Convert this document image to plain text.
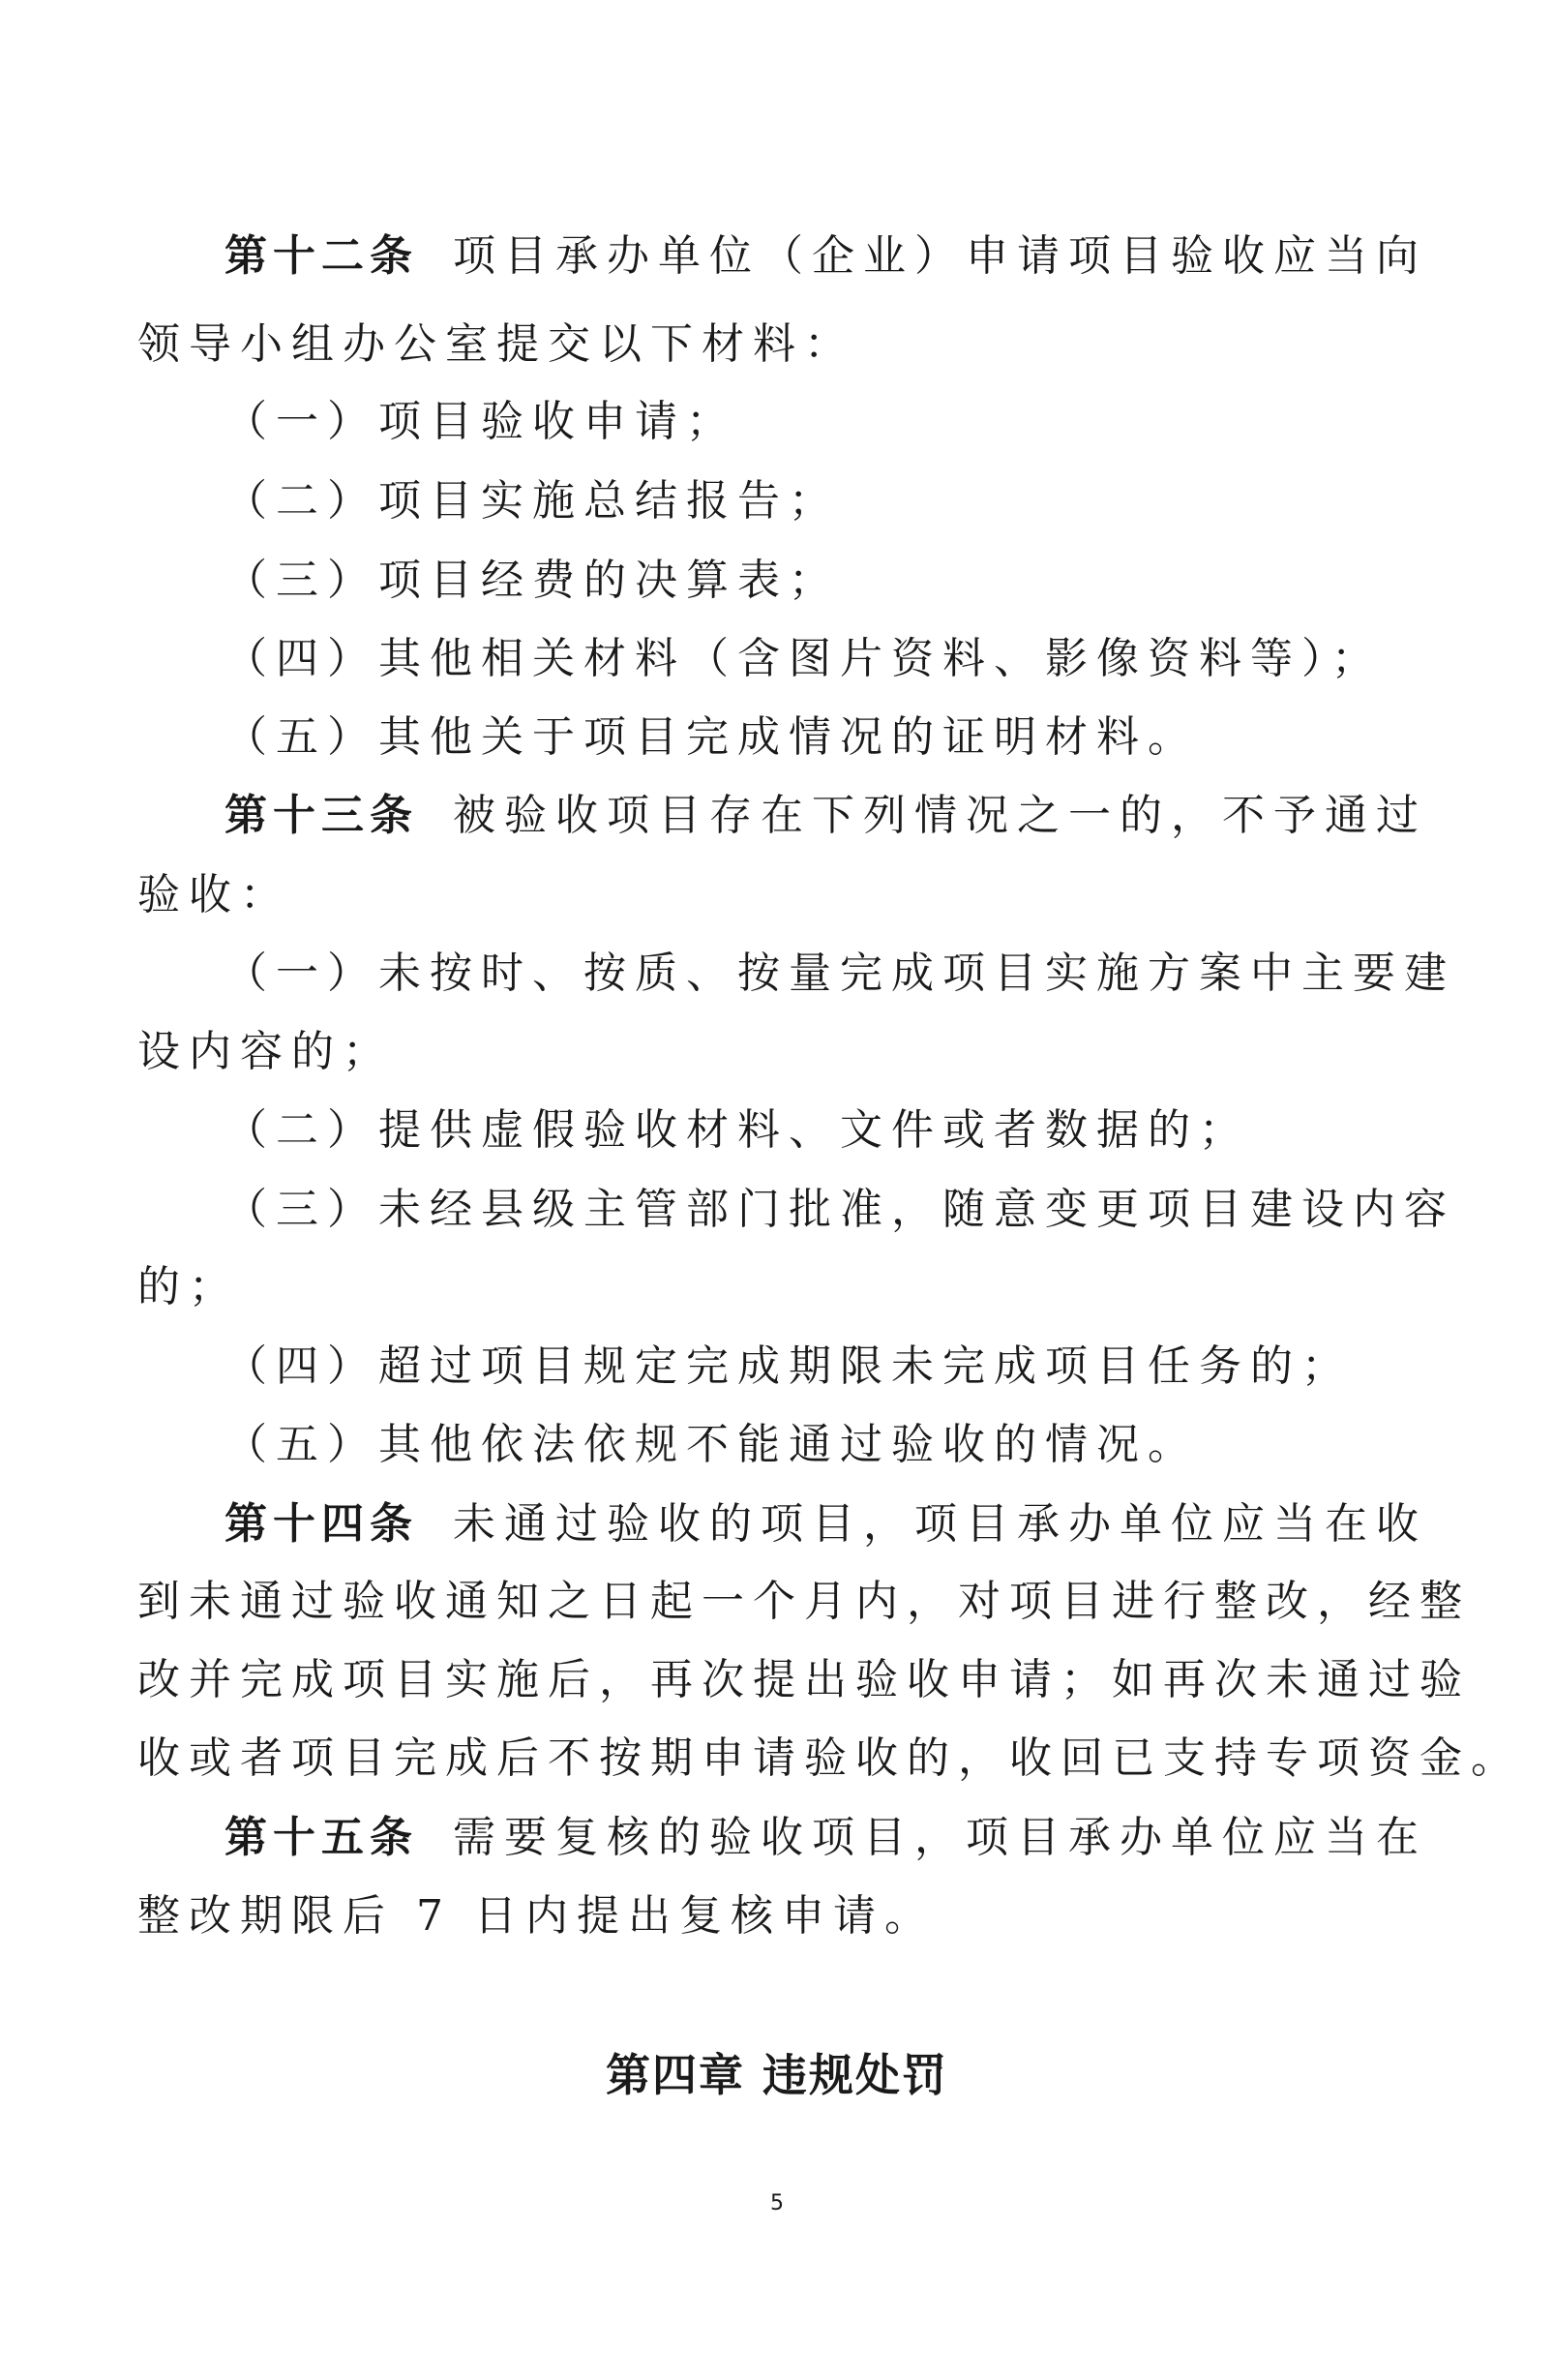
第十二条 项目承办单位（企业）申请项目验收应当向
领导小组办公室提交以下材料：
（一）项目验收申请；
（二）项目实施总结报告；
（三）项目经费的决算表；
（四）其他相关材料（含图片资料、影像资料等）；
（五）其他关于项目完成情况的证明材料。
第十三条 被验收项目存在下列情况之一的，不予通过
验收：
（一）未按时、按质、按量完成项目实施方案中主要建
设内容的；
（二）提供虚假验收材料、文件或者数据的；
（三）未经县级主管部门批准，随意变更项目建设内容
的；
（四）超过项目规定完成期限未完成项目任务的；
（五）其他依法依规不能通过验收的情况。
第十四条 未通过验收的项目，项目承办单位应当在收
到未通过验收通知之日起一个月内，对项目进行整改，经整
改并完成项目实施后，再次提出验收申请；如再次未通过验
收或者项目完成后不按期申请验收的，收回已支持专项资金。
第十五条 需要复核的验收项目，项目承办单位应当在
整改期限后 7 日内提出复核申请。
第四章 违规处罚
5
